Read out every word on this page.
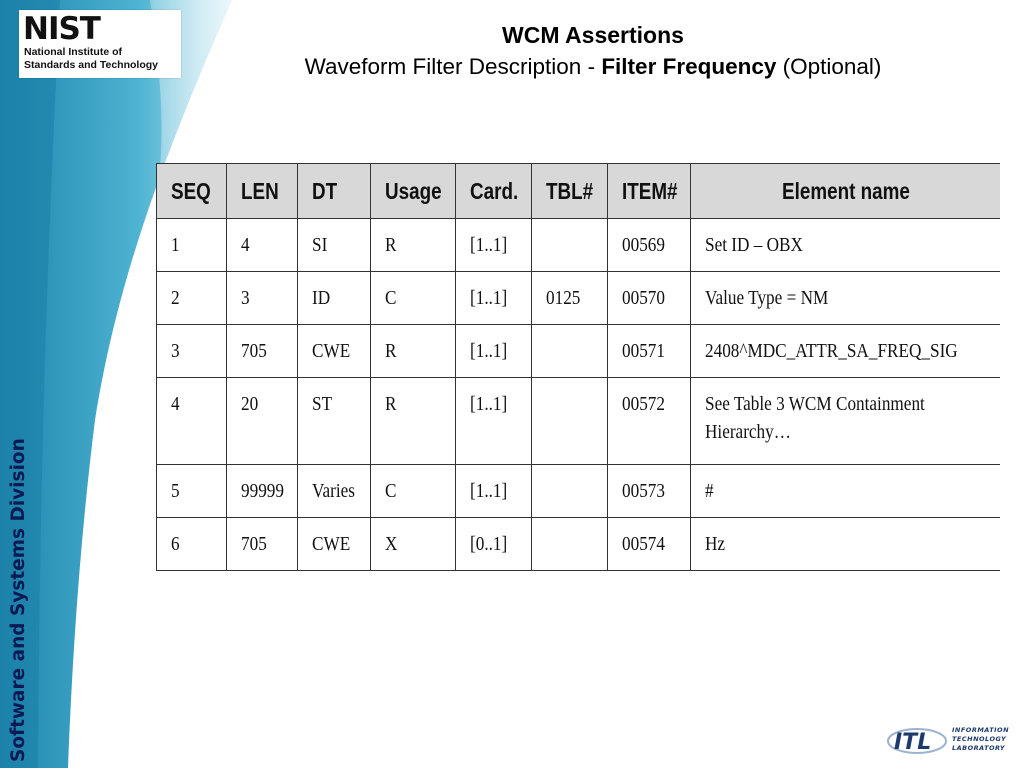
NIST
National Institute of
Standards and Technology
Software and Systems Division
WCM Assertions
Waveform Filter Description - Filter Frequency (Optional)
SEQ	LEN	DT	Usage	Card.	TBL#	ITEM#	Element name
1	4	SI	R	[1..1]		00569	Set ID – OBX
2	3	ID	C	[1..1]	0125	00570	Value Type = NM
3	705	CWE	R	[1..1]		00571	2408^MDC_ATTR_SA_FREQ_SIG
4	20	ST	R	[1..1]		00572	See Table 3 WCM Containment Hierarchy…
5	99999	Varies	C	[1..1]		00573	#
6	705	CWE	X	[0..1]		00574	Hz
ITL	INFORMATION
TECHNOLOGY
LABORATORY
